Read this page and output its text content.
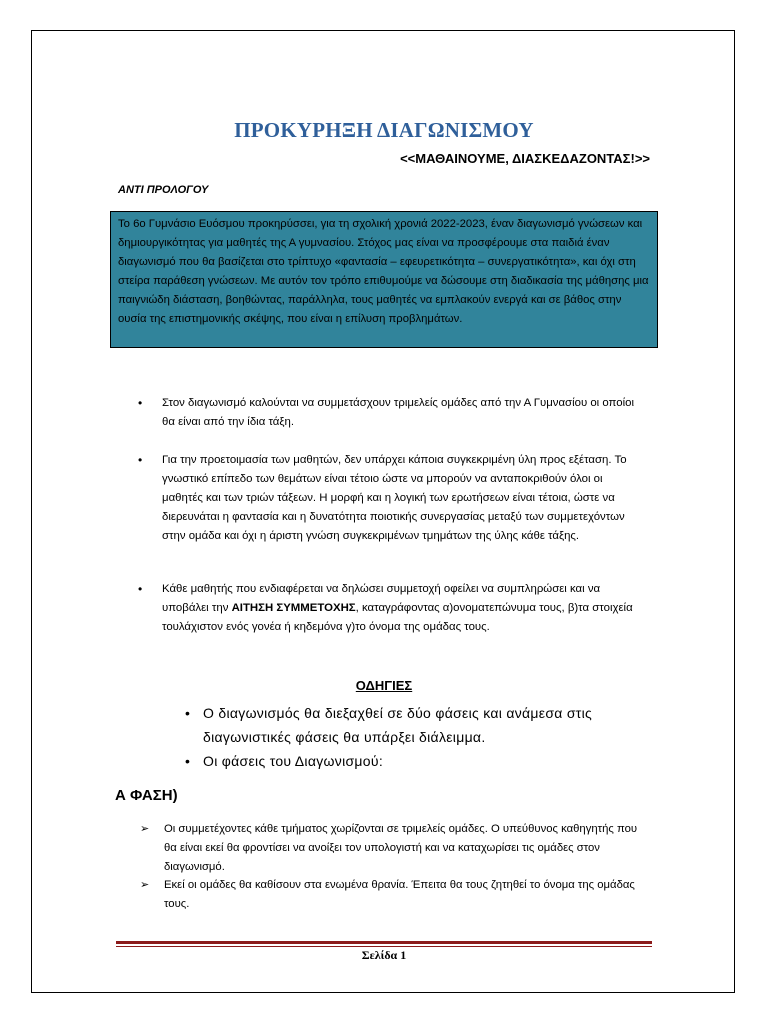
ΠΡΟΚΥΡΗΞΗ ΔΙΑΓΩΝΙΣΜΟΥ
<<ΜΑΘΑΙΝΟΥΜΕ, ΔΙΑΣΚΕΔΑΖΟΝΤΑΣ!>>
ΑΝΤΙ ΠΡΟΛΟΓΟΥ
Το 6ο Γυμνάσιο Ευόσμου προκηρύσσει, για τη σχολική χρονιά 2022-2023, έναν διαγωνισμό γνώσεων και δημιουργικότητας για μαθητές της Α γυμνασίου. Στόχος μας είναι να προσφέρουμε στα παιδιά έναν διαγωνισμό που θα βασίζεται στο τρίπτυχο «φαντασία – εφευρετικότητα – συνεργατικότητα», και όχι στη στείρα παράθεση γνώσεων. Με αυτόν τον τρόπο επιθυμούμε να δώσουμε στη διαδικασία της μάθησης μια παιγνιώδη διάσταση, βοηθώντας, παράλληλα, τους μαθητές να εμπλακούν ενεργά και σε βάθος στην ουσία της επιστημονικής σκέψης, που είναι η επίλυση προβλημάτων.
• Στον διαγωνισμό καλούνται να συμμετάσχουν τριμελείς ομάδες από την Α Γυμνασίου οι οποίοι θα είναι από την ίδια τάξη.
• Για την προετοιμασία των μαθητών, δεν υπάρχει κάποια συγκεκριμένη ύλη προς εξέταση. Το γνωστικό επίπεδο των θεμάτων είναι τέτοιο ώστε να μπορούν να ανταποκριθούν όλοι οι μαθητές και των τριών τάξεων. Η μορφή και η λογική των ερωτήσεων είναι τέτοια, ώστε να διερευνάται η φαντασία και η δυνατότητα ποιοτικής συνεργασίας μεταξύ των συμμετεχόντων στην ομάδα και όχι η άριστη γνώση συγκεκριμένων τμημάτων της ύλης κάθε τάξης.
• Κάθε μαθητής που ενδιαφέρεται να δηλώσει συμμετοχή οφείλει να συμπληρώσει και να υποβάλει την ΑΙΤΗΣΗ ΣΥΜΜΕΤΟΧΗΣ, καταγράφοντας α)ονοματεπώνυμα τους, β)τα στοιχεία τουλάχιστον ενός γονέα ή κηδεμόνα γ)το όνομα της ομάδας τους.
ΟΔΗΓΙΕΣ
• Ο διαγωνισμός θα διεξαχθεί σε δύο φάσεις και ανάμεσα στις διαγωνιστικές φάσεις θα υπάρξει διάλειμμα.
• Οι φάσεις του Διαγωνισμού:
Α ΦΑΣΗ)
➢ Οι συμμετέχοντες κάθε τμήματος χωρίζονται σε τριμελείς ομάδες. Ο υπεύθυνος καθηγητής που θα είναι εκεί θα φροντίσει να ανοίξει τον υπολογιστή και να καταχωρίσει τις ομάδες στον διαγωνισμό.
➢ Εκεί οι ομάδες θα καθίσουν στα ενωμένα θρανία. Έπειτα θα τους ζητηθεί το όνομα της ομάδας τους.
Σελίδα 1
